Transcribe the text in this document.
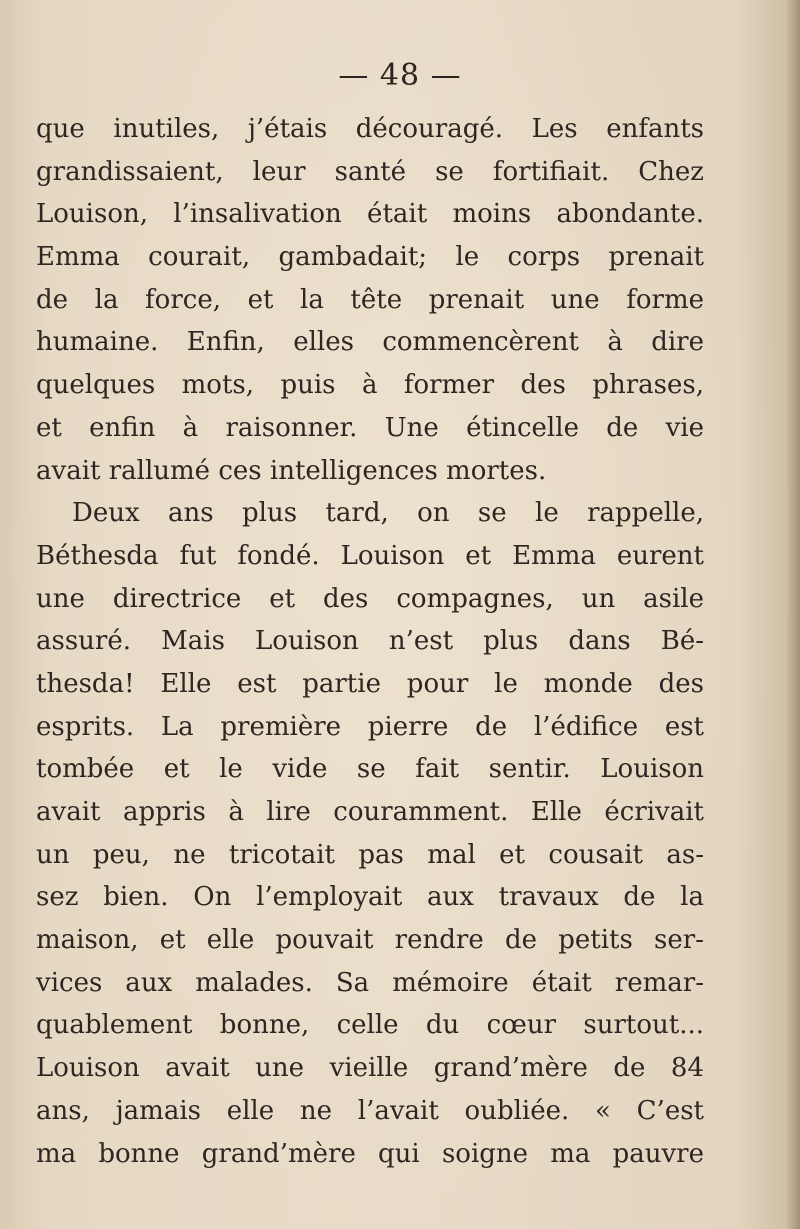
— 48 —
que inutiles, j’étais découragé. Les enfants
grandissaient, leur santé se fortifiait. Chez
Louison, l’insalivation était moins abondante.
Emma courait, gambadait; le corps prenait
de la force, et la tête prenait une forme
humaine. Enfin, elles commencèrent à dire
quelques mots, puis à former des phrases,
et enfin à raisonner. Une étincelle de vie
avait rallumé ces intelligences mortes.
Deux ans plus tard, on se le rappelle,
Béthesda fut fondé. Louison et Emma eurent
une directrice et des compagnes, un asile
assuré. Mais Louison n’est plus dans Bé-
thesda! Elle est partie pour le monde des
esprits. La première pierre de l’édifice est
tombée et le vide se fait sentir. Louison
avait appris à lire couramment. Elle écrivait
un peu, ne tricotait pas mal et cousait as-
sez bien. On l’employait aux travaux de la
maison, et elle pouvait rendre de petits ser-
vices aux malades. Sa mémoire était remar-
quablement bonne, celle du cœur surtout...
Louison avait une vieille grand’mère de 84
ans, jamais elle ne l’avait oubliée. « C’est
ma bonne grand’mère qui soigne ma pauvre
